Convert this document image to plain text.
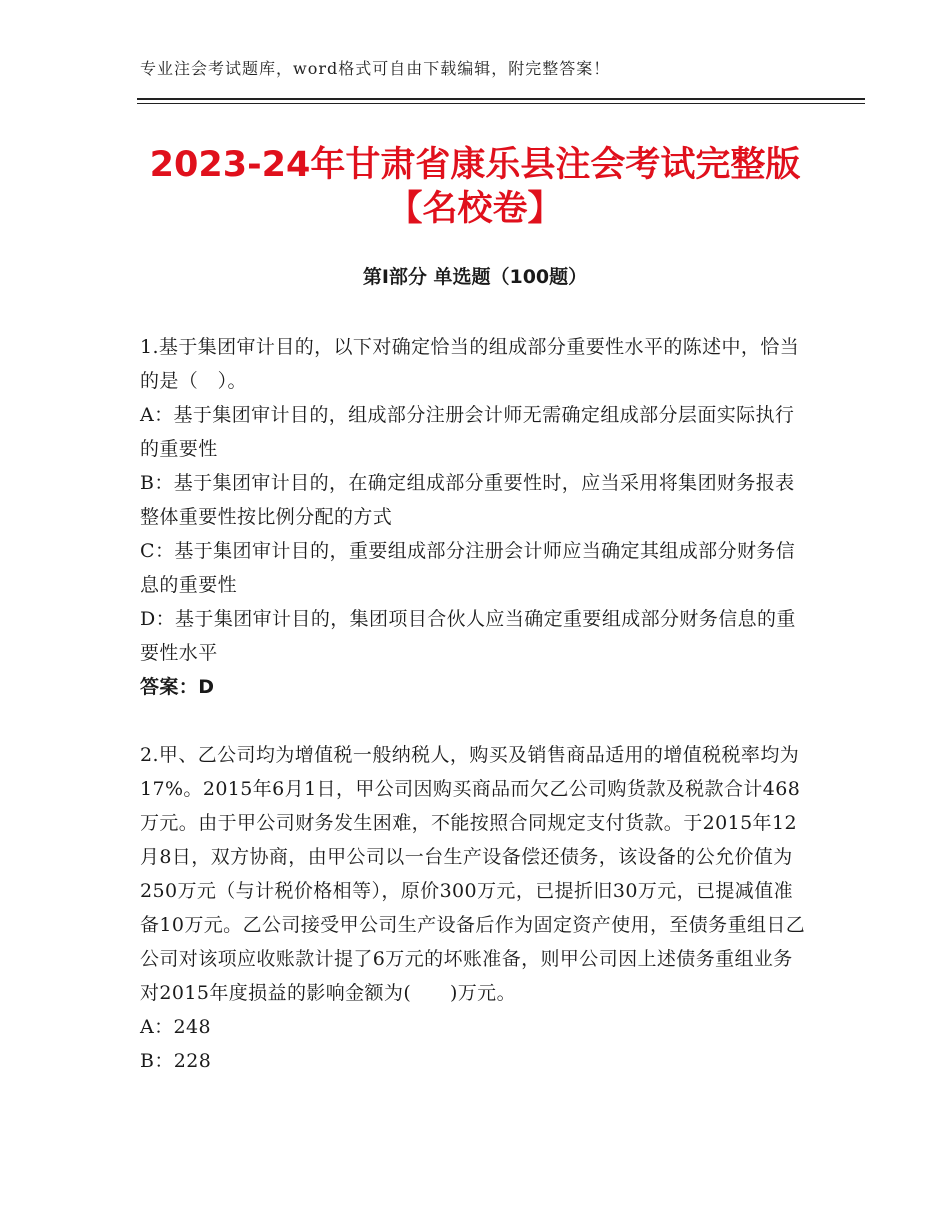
专业注会考试题库，word格式可自由下载编辑，附完整答案！
2023-24年甘肃省康乐县注会考试完整版
【名校卷】
第Ⅰ部分 单选题（100题）

1.基于集团审计目的，以下对确定恰当的组成部分重要性水平的陈述中，恰当的是（　）。

A：基于集团审计目的，组成部分注册会计师无需确定组成部分层面实际执行的重要性

B：基于集团审计目的，在确定组成部分重要性时，应当采用将集团财务报表整体重要性按比例分配的方式

C：基于集团审计目的，重要组成部分注册会计师应当确定其组成部分财务信息的重要性

D：基于集团审计目的，集团项目合伙人应当确定重要组成部分财务信息的重要性水平

答案：D

2.甲、乙公司均为增值税一般纳税人，购买及销售商品适用的增值税税率均为17%。2015年6月1日，甲公司因购买商品而欠乙公司购货款及税款合计468万元。由于甲公司财务发生困难，不能按照合同规定支付货款。于2015年12月8日，双方协商，由甲公司以一台生产设备偿还债务，该设备的公允价值为250万元（与计税价格相等），原价300万元，已提折旧30万元，已提减值准备10万元。乙公司接受甲公司生产设备后作为固定资产使用，至债务重组日乙公司对该项应收账款计提了6万元的坏账准备，则甲公司因上述债务重组业务对2015年度损益的影响金额为(　　)万元。

A：248

B：228
